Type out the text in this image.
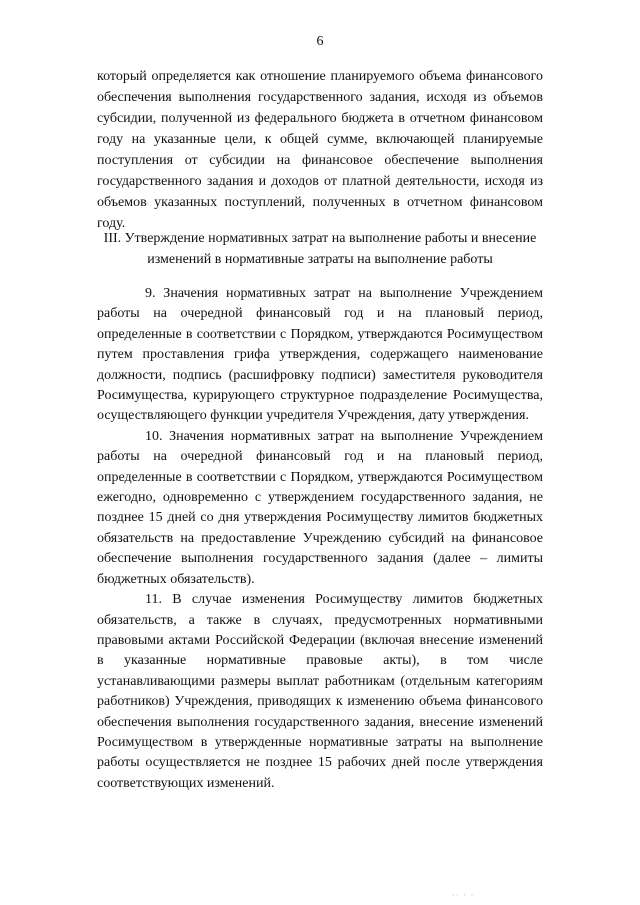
6

который определяется как отношение планируемого объема финансового обеспечения выполнения государственного задания, исходя из объемов субсидии, полученной из федерального бюджета в отчетном финансовом году на указанные цели, к общей сумме, включающей планируемые поступления от субсидии на финансовое обеспечение выполнения государственного задания и доходов от платной деятельности, исходя из объемов указанных поступлений, полученных в отчетном финансовом году.

III. Утверждение нормативных затрат на выполнение работы и внесение
изменений в нормативные затраты на выполнение работы

9. Значения нормативных затрат на выполнение Учреждением работы на очередной финансовый год и на плановый период, определенные в соответствии с Порядком, утверждаются Росимуществом путем проставления грифа утверждения, содержащего наименование должности, подпись (расшифровку подписи) заместителя руководителя Росимущества, курирующего структурное подразделение Росимущества, осуществляющего функции учредителя Учреждения, дату утверждения.

10. Значения нормативных затрат на выполнение Учреждением работы на очередной финансовый год и на плановый период, определенные в соответствии с Порядком, утверждаются Росимуществом ежегодно, одновременно с утверждением государственного задания, не позднее 15 дней со дня утверждения Росимуществу лимитов бюджетных обязательств на предоставление Учреждению субсидий на финансовое обеспечение выполнения государственного задания (далее – лимиты бюджетных обязательств).

11. В случае изменения Росимуществу лимитов бюджетных обязательств, а также в случаях, предусмотренных нормативными правовыми актами Российской Федерации (включая внесение изменений в указанные нормативные правовые акты), в том числе устанавливающими размеры выплат работникам (отдельным категориям работников) Учреждения, приводящих к изменению объема финансового обеспечения выполнения государственного задания, внесение изменений Росимуществом в утвержденные нормативные затраты на выполнение работы осуществляется не позднее 15 рабочих дней после утверждения соответствующих изменений.

·· · ·
